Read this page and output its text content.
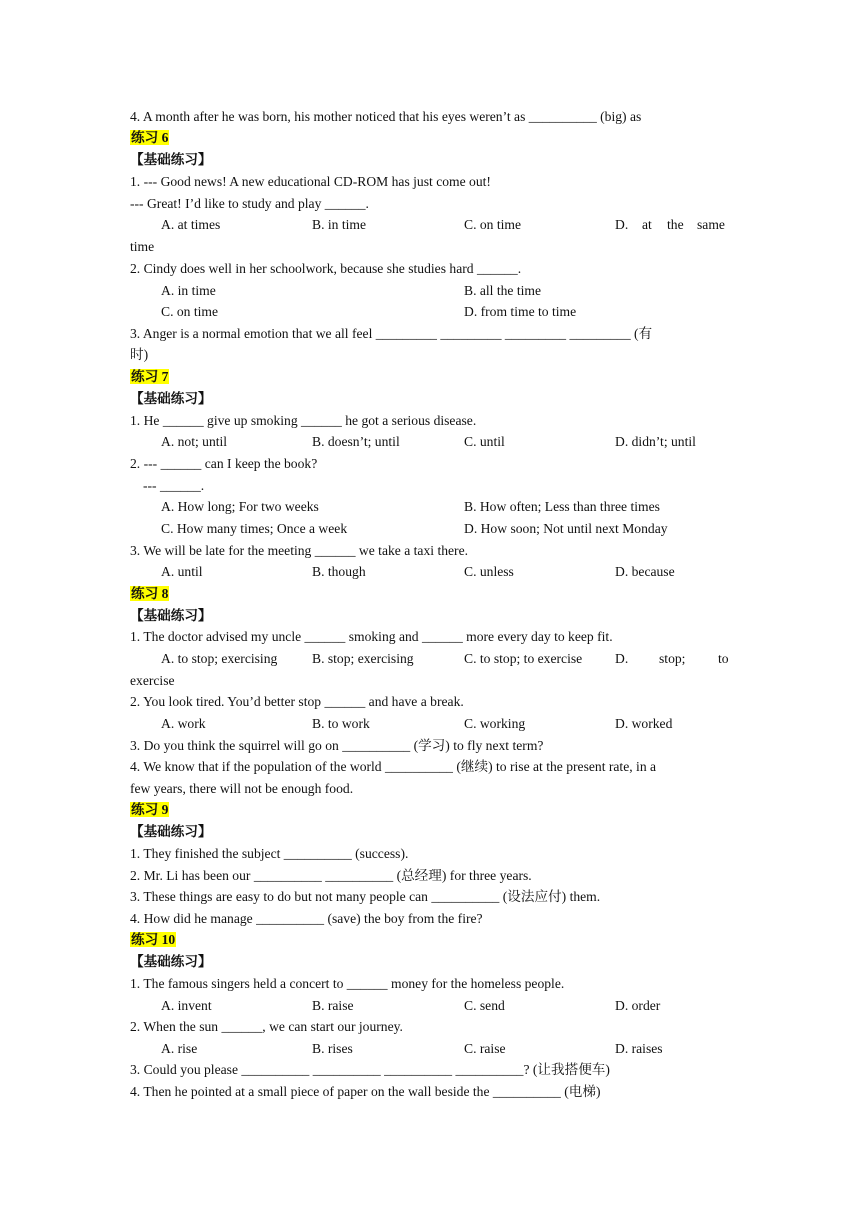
4. A month after he was born, his mother noticed that his eyes weren’t as __________ (big) as

练习 6

【基础练习】

1. --- Good news! A new educational CD-ROM has just come out!

--- Great! I’d like to study and play ______.

A. at times	B. in time	C. on time	D. at the same

time

2. Cindy does well in her schoolwork, because she studies hard ______.

A. in time	B. all the time

C. on time	D. from time to time

3. Anger is a normal emotion that we all feel _________ _________ _________ _________ (有

时)

练习 7

【基础练习】

1. He ______ give up smoking ______ he got a serious disease.

A. not; until	B. doesn’t; until	C. until	D. didn’t; until

2. --- ______ can I keep the book?

--- ______.

A. How long; For two weeks	B. How often; Less than three times

C. How many times; Once a week	D. How soon; Not until next Monday

3. We will be late for the meeting ______ we take a taxi there.

A. until	B. though	C. unless	D. because

练习 8

【基础练习】

1. The doctor advised my uncle ______ smoking and ______ more every day to keep fit.

A. to stop; exercising	B. stop; exercising	C. to stop; to exercise D. stop; to

exercise

2. You look tired. You’d better stop ______ and have a break.

A. work	B. to work	C. working	D. worked

3. Do you think the squirrel will go on __________ (学习) to fly next term?

4. We know that if the population of the world __________ (继续) to rise at the present rate, in a

few years, there will not be enough food.

练习 9

【基础练习】

1. They finished the subject __________ (success).

2. Mr. Li has been our __________ __________ (总经理) for three years.

3. These things are easy to do but not many people can __________ (设法应付) them.

4. How did he manage __________ (save) the boy from the fire?

练习 10

【基础练习】

1. The famous singers held a concert to ______ money for the homeless people.

A. invent	B. raise	C. send	D. order

2. When the sun ______, we can start our journey.

A. rise	B. rises	C. raise	D. raises

3. Could you please __________ __________ __________ __________? (让我搭便车)

4. Then he pointed at a small piece of paper on the wall beside the __________ (电梯)
